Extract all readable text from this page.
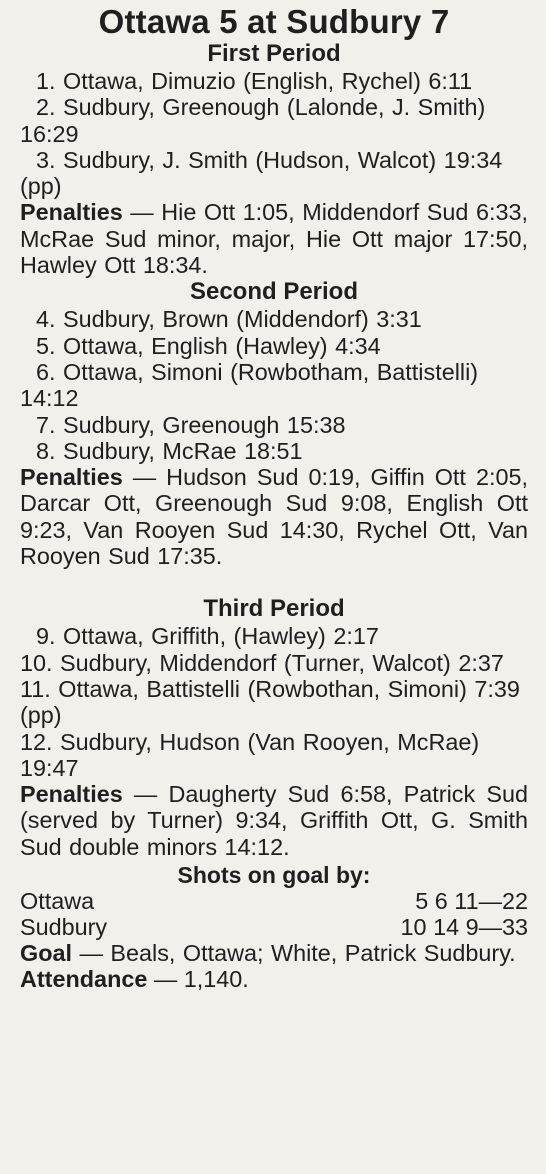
Ottawa 5 at Sudbury 7
First Period
1. Ottawa, Dimuzio (English, Rychel) 6:11
2. Sudbury, Greenough (Lalonde, J. Smith) 16:29
3. Sudbury, J. Smith (Hudson, Walcot) 19:34 (pp)
Penalties — Hie Ott 1:05, Middendorf Sud 6:33, McRae Sud minor, major, Hie Ott major 17:50, Hawley Ott 18:34.
Second Period
4. Sudbury, Brown (Middendorf) 3:31
5. Ottawa, English (Hawley) 4:34
6. Ottawa, Simoni (Rowbotham, Battistelli) 14:12
7. Sudbury, Greenough 15:38
8. Sudbury, McRae 18:51
Penalties — Hudson Sud 0:19, Giffin Ott 2:05, Darcar Ott, Greenough Sud 9:08, English Ott 9:23, Van Rooyen Sud 14:30, Rychel Ott, Van Rooyen Sud 17:35.
Third Period
9. Ottawa, Griffith, (Hawley) 2:17
10. Sudbury, Middendorf (Turner, Walcot) 2:37
11. Ottawa, Battistelli (Rowbothan, Simoni) 7:39 (pp)
12. Sudbury, Hudson (Van Rooyen, McRae) 19:47
Penalties — Daugherty Sud 6:58, Patrick Sud (served by Turner) 9:34, Griffith Ott, G. Smith Sud double minors 14:12.
Shots on goal by:
Ottawa	5 6 11—22
Sudbury	10 14 9—33
Goal — Beals, Ottawa; White, Patrick Sudbury.
Attendance — 1,140.
